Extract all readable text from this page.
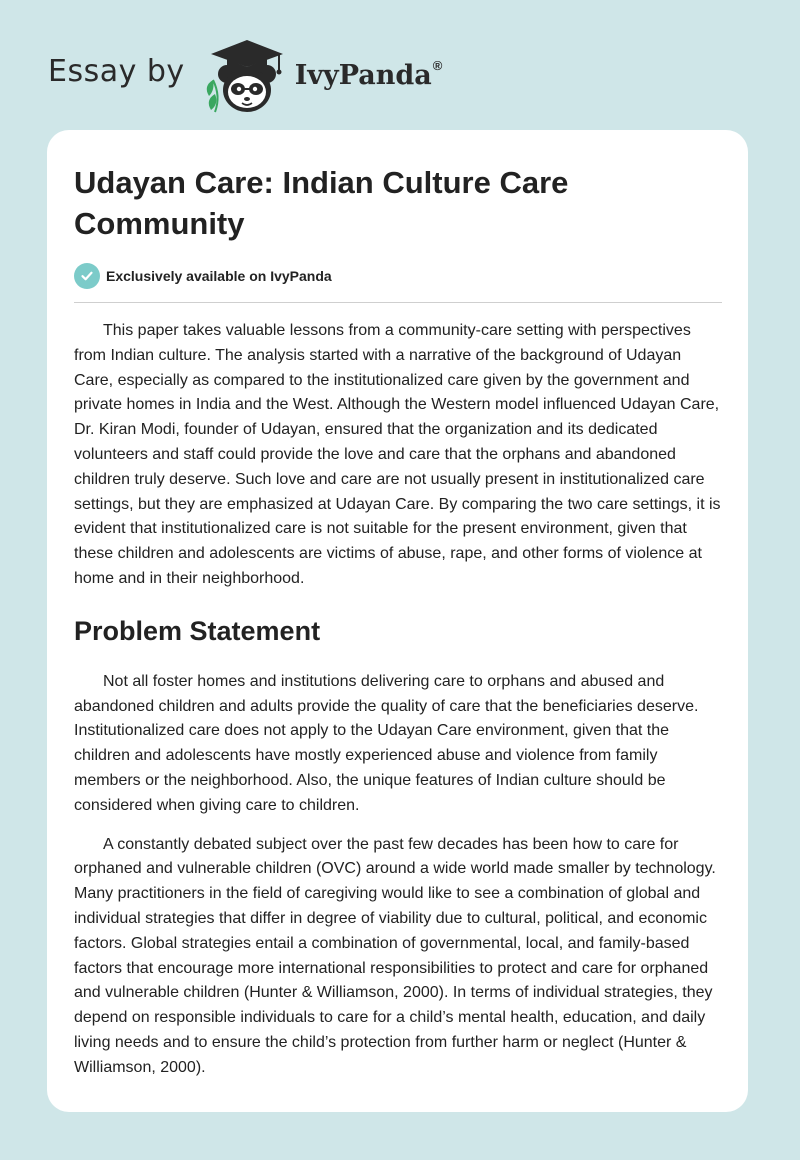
Essay by	IvyPanda®
Udayan Care: Indian Culture Care Community
Exclusively available on IvyPanda

This paper takes valuable lessons from a community-care setting with perspectives from Indian culture. The analysis started with a narrative of the background of Udayan Care, especially as compared to the institutionalized care given by the government and private homes in India and the West. Although the Western model influenced Udayan Care, Dr. Kiran Modi, founder of Udayan, ensured that the organization and its dedicated volunteers and staff could provide the love and care that the orphans and abandoned children truly deserve. Such love and care are not usually present in institutionalized care settings, but they are emphasized at Udayan Care. By comparing the two care settings, it is evident that institutionalized care is not suitable for the present environment, given that these children and adolescents are victims of abuse, rape, and other forms of violence at home and in their neighborhood.

Problem Statement

Not all foster homes and institutions delivering care to orphans and abused and abandoned children and adults provide the quality of care that the beneficiaries deserve. Institutionalized care does not apply to the Udayan Care environment, given that the children and adolescents have mostly experienced abuse and violence from family members or the neighborhood. Also, the unique features of Indian culture should be considered when giving care to children.

A constantly debated subject over the past few decades has been how to care for orphaned and vulnerable children (OVC) around a wide world made smaller by technology. Many practitioners in the field of caregiving would like to see a combination of global and individual strategies that differ in degree of viability due to cultural, political, and economic factors. Global strategies entail a combination of governmental, local, and family-based factors that encourage more international responsibilities to protect and care for orphaned and vulnerable children (Hunter & Williamson, 2000). In terms of individual strategies, they depend on responsible individuals to care for a child’s mental health, education, and daily living needs and to ensure the child’s protection from further harm or neglect (Hunter & Williamson, 2000).
